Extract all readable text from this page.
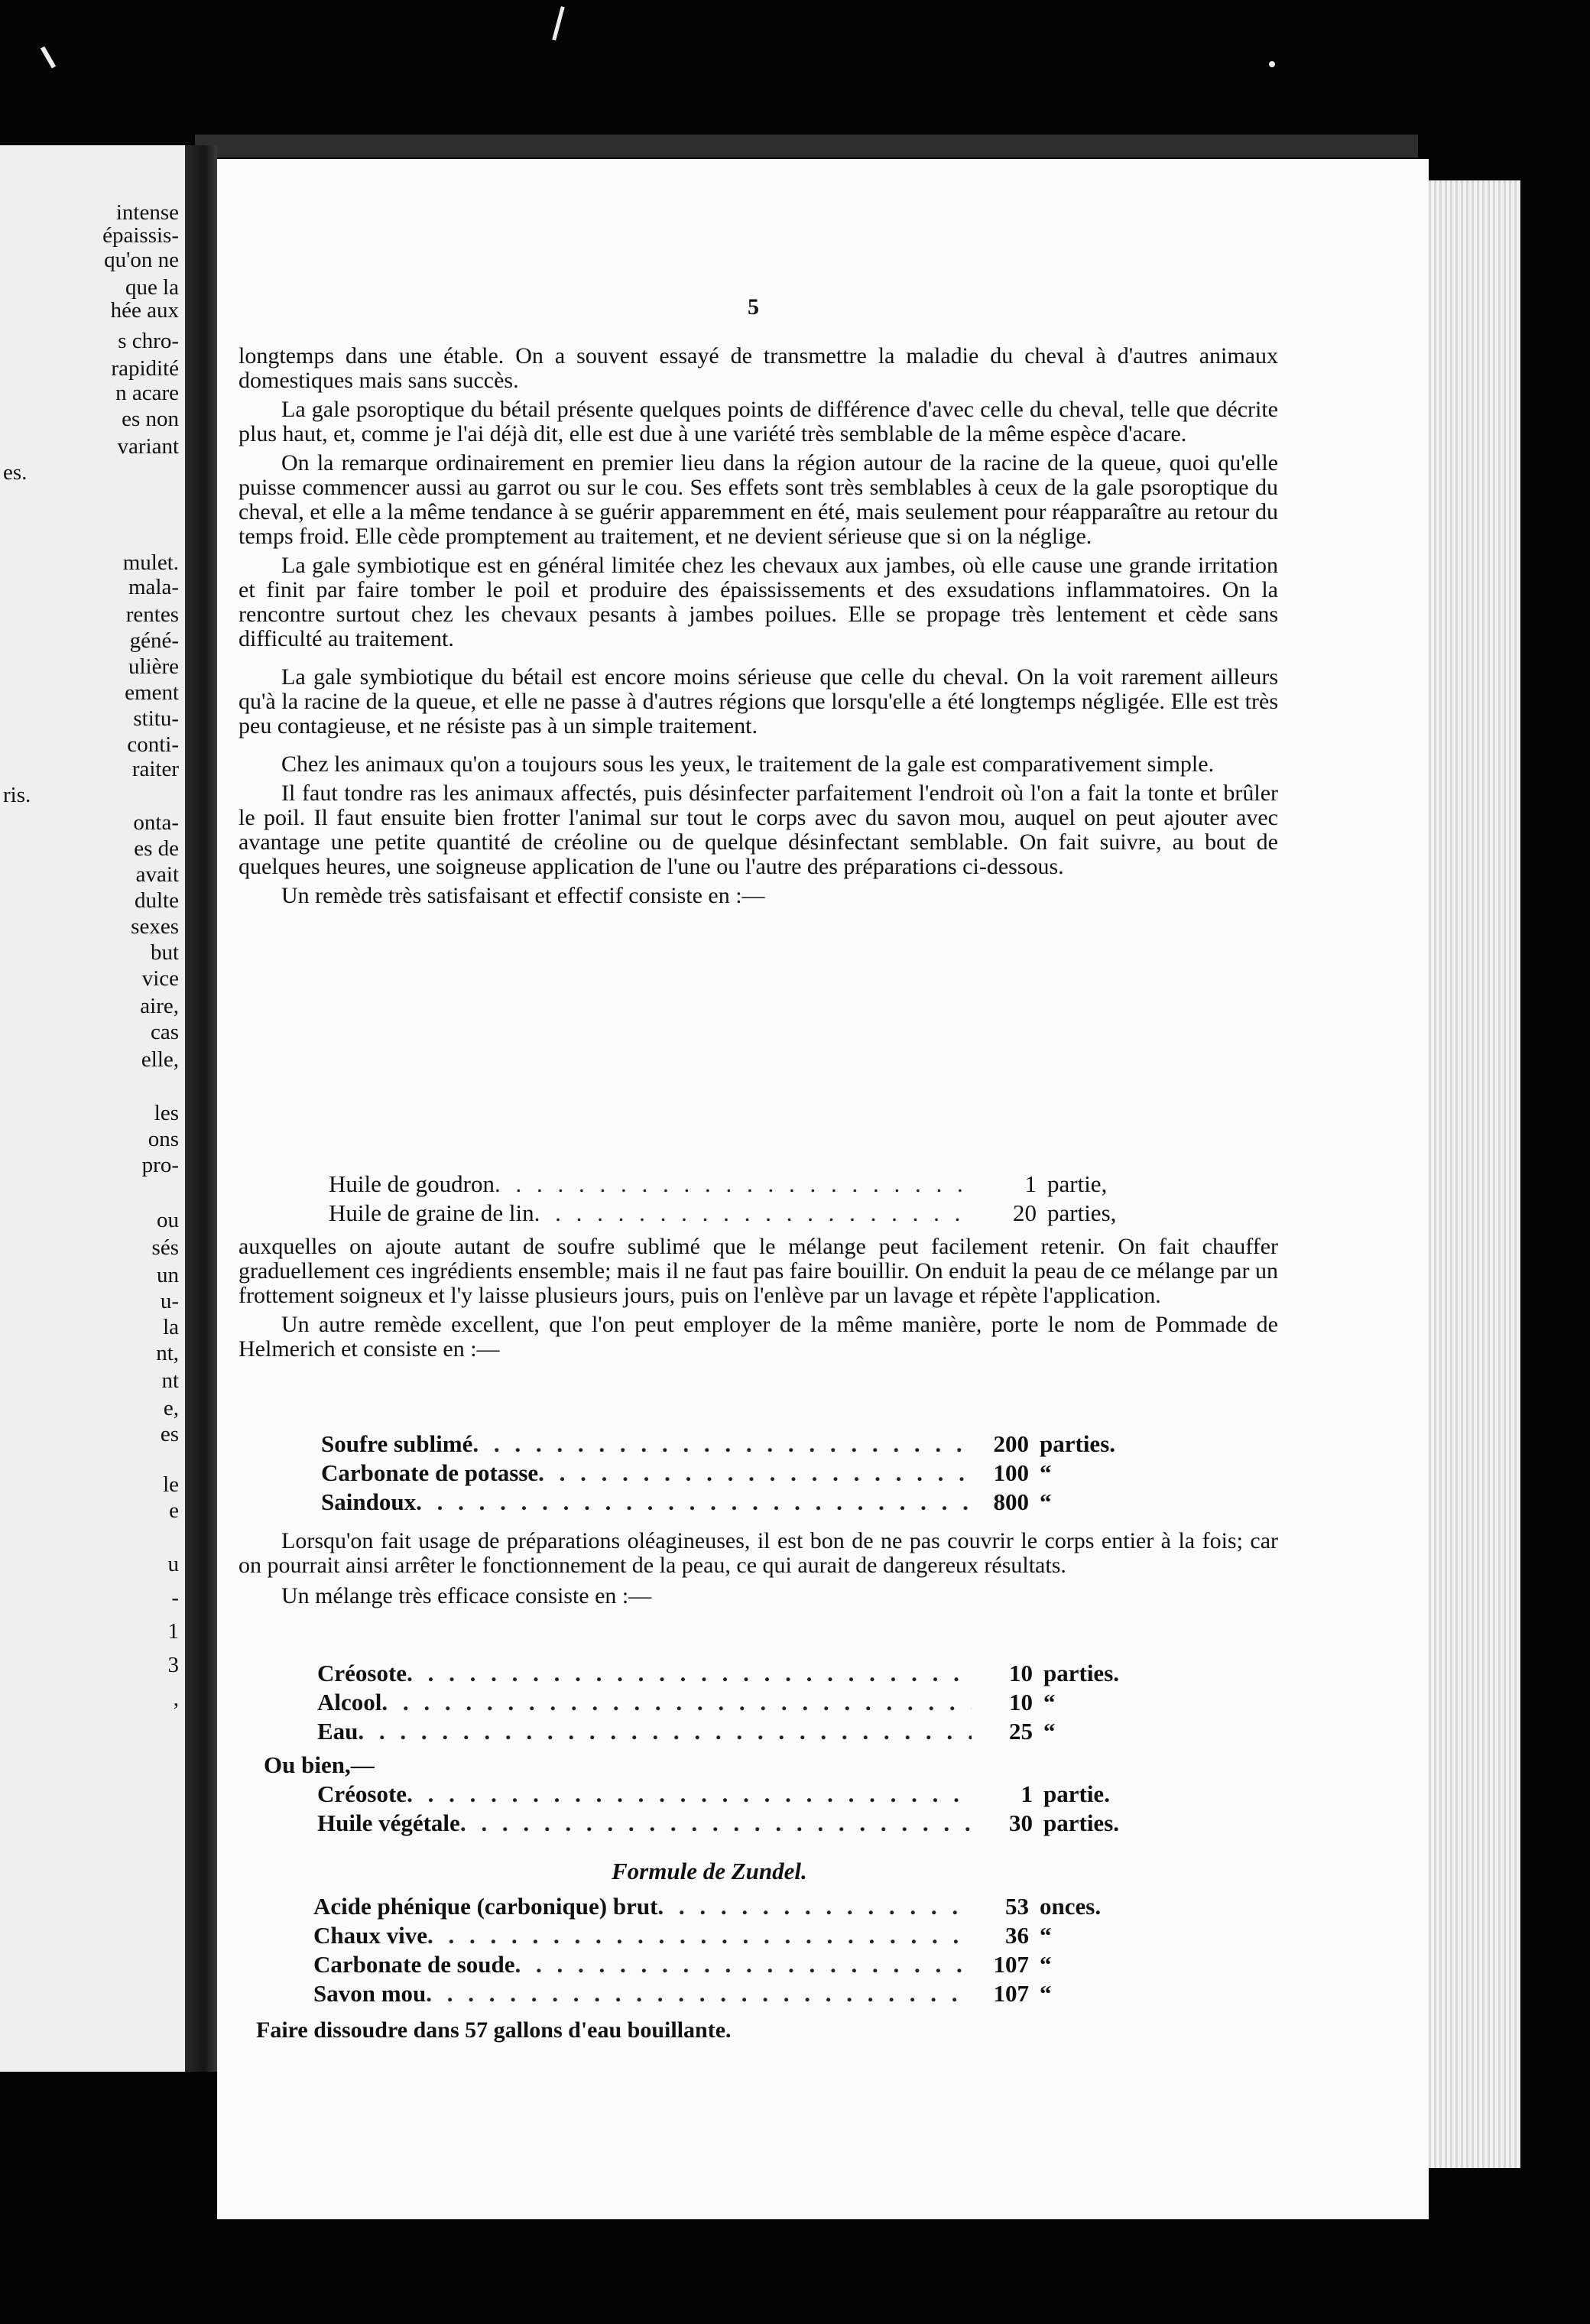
intense
épaissis-
qu'on ne
que la
hée aux
s chro-
rapidité
n acare
es non
variant
es.
mulet.
mala-
rentes
géné-
ulière
ement
stitu-
conti-
raiter
ris.
onta-
es de
avait
dulte
sexes
but
vice
aire,
cas
elle,
les
ons
pro-
ou
sés
un
u-
la
nt,
nt
e,
es
le
e
u
-
1
3
,
5

longtemps dans une étable. On a souvent essayé de transmettre la maladie du cheval à d'autres animaux domestiques mais sans succès.

La gale psoroptique du bétail présente quelques points de différence d'avec celle du cheval, telle que décrite plus haut, et, comme je l'ai déjà dit, elle est due à une variété très semblable de la même espèce d'acare.

On la remarque ordinairement en premier lieu dans la région autour de la racine de la queue, quoi qu'elle puisse commencer aussi au garrot ou sur le cou. Ses effets sont très semblables à ceux de la gale psoroptique du cheval, et elle a la même tendance à se guérir apparemment en été, mais seulement pour réapparaître au retour du temps froid. Elle cède promptement au traitement, et ne devient sérieuse que si on la néglige.

La gale symbiotique est en général limitée chez les chevaux aux jambes, où elle cause une grande irritation et finit par faire tomber le poil et produire des épaississements et des exsudations inflammatoires. On la rencontre surtout chez les chevaux pesants à jambes poilues. Elle se propage très lentement et cède sans difficulté au traitement.

La gale symbiotique du bétail est encore moins sérieuse que celle du cheval. On la voit rarement ailleurs qu'à la racine de la queue, et elle ne passe à d'autres régions que lorsqu'elle a été longtemps négligée. Elle est très peu contagieuse, et ne résiste pas à un simple traitement.

Chez les animaux qu'on a toujours sous les yeux, le traitement de la gale est comparativement simple.

Il faut tondre ras les animaux affectés, puis désinfecter parfaitement l'endroit où l'on a fait la tonte et brûler le poil. Il faut ensuite bien frotter l'animal sur tout le corps avec du savon mou, auquel on peut ajouter avec avantage une petite quantité de créoline ou de quelque désinfectant semblable. On fait suivre, au bout de quelques heures, une soigneuse application de l'une ou l'autre des préparations ci-dessous.

Un remède très satisfaisant et effectif consiste en :—

Huile de goudron . . .	1 partie,
Huile de graine de lin . . .	20 parties,

auxquelles on ajoute autant de soufre sublimé que le mélange peut facilement retenir. On fait chauffer graduellement ces ingrédients ensemble; mais il ne faut pas faire bouillir. On enduit la peau de ce mélange par un frottement soigneux et l'y laisse plusieurs jours, puis on l'enlève par un lavage et répète l'application.

Un autre remède excellent, que l'on peut employer de la même manière, porte le nom de Pommade de Helmerich et consiste en :—

Soufre sublimé . . .	200 parties.
Carbonate de potasse . . .	100 “
Saindoux . . .	800 “

Lorsqu'on fait usage de préparations oléagineuses, il est bon de ne pas couvrir le corps entier à la fois; car on pourrait ainsi arrêter le fonctionnement de la peau, ce qui aurait de dangereux résultats.

Un mélange très efficace consiste en :—

Créosote . . .	10 parties.
Alcool . . .	10 “
Eau . . .	25 “
Ou bien,—
Créosote . . .	1 partie.
Huile végétale . . .	30 parties.
Formule de Zundel.
Acide phénique (carbonique) brut . . .	53 onces.
Chaux vive . . .	36 “
Carbonate de soude . . .	107 “
Savon mou . . .	107 “

Faire dissoudre dans 57 gallons d'eau bouillante.
